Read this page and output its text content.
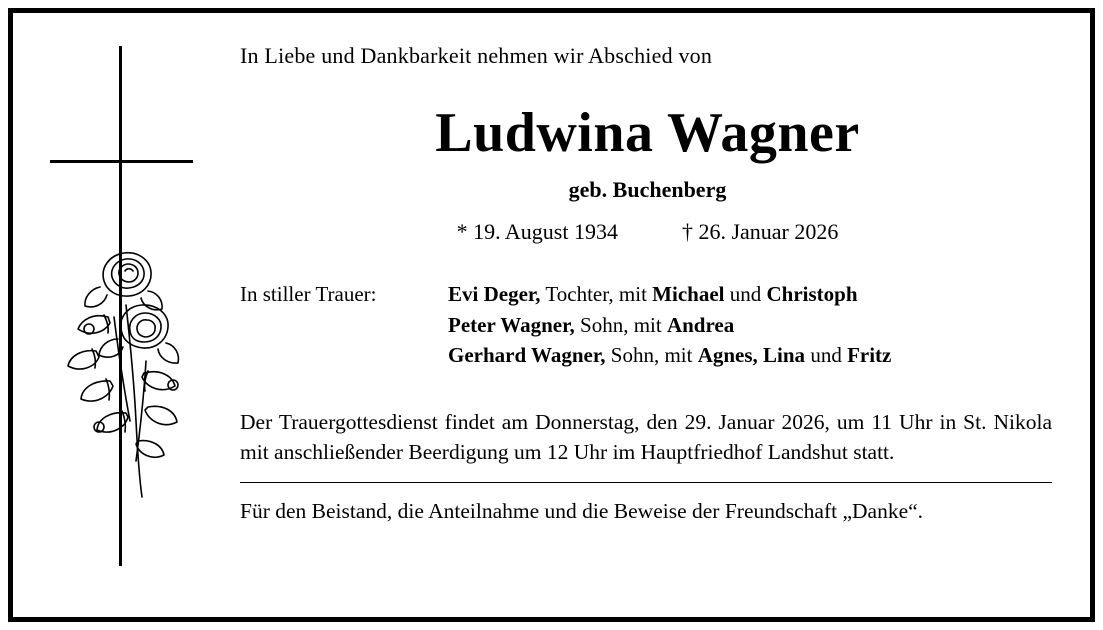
In Liebe und Dankbarkeit nehmen wir Abschied von
Ludwina Wagner
geb. Buchenberg
* 19. August 1934	† 26. Januar 2026
In stiller Trauer:	Evi Deger, Tochter, mit Michael und Christoph
Peter Wagner, Sohn, mit Andrea
Gerhard Wagner, Sohn, mit Agnes, Lina und Fritz
Der Trauergottesdienst findet am Donnerstag, den 29. Januar 2026, um 11 Uhr in St. Nikola mit anschließender Beerdigung um 12 Uhr im Hauptfriedhof Landshut statt.
Für den Beistand, die Anteilnahme und die Beweise der Freundschaft „Danke“.
